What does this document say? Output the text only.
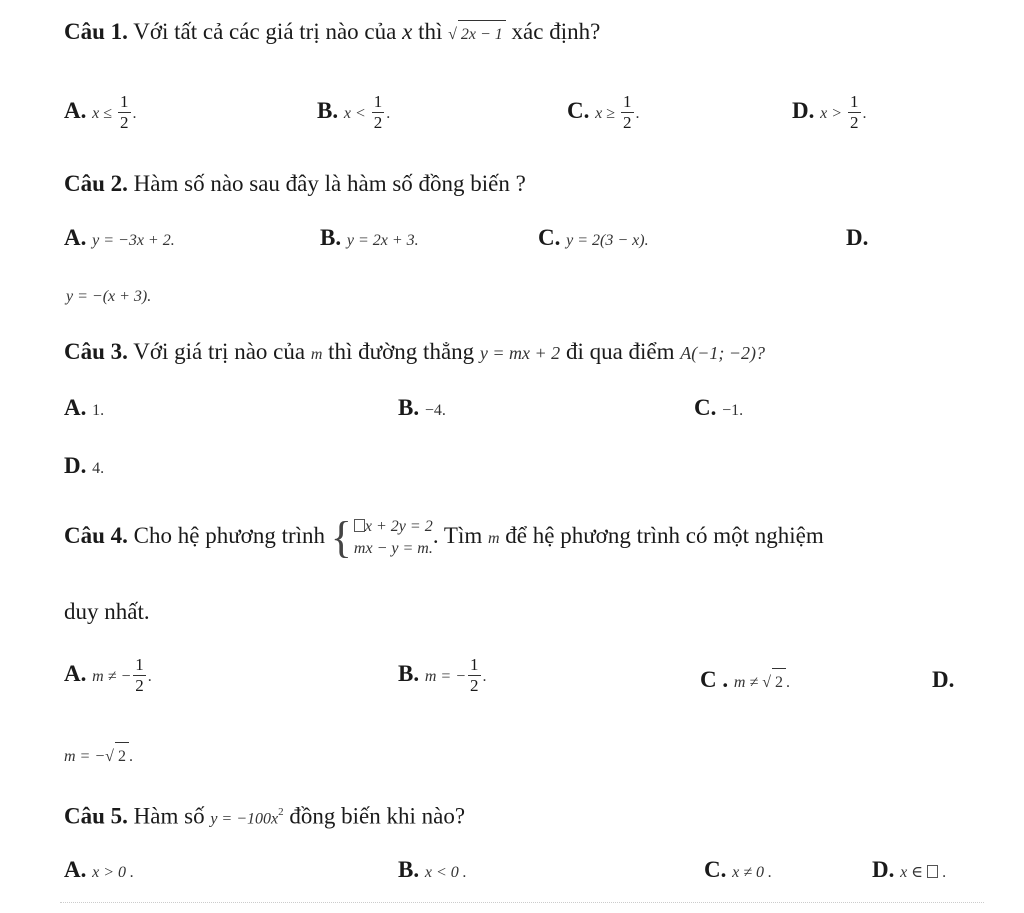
Câu 1. Với tất cả các giá trị nào của x thì √ 2x − 1 xác định?
A. $x \le \frac{1}{2}$ .	B. $x < \frac{1}{2}$ .	C. $x \ge \frac{1}{2}$ .	D. $x > \frac{1}{2}$ .
Câu 2. Hàm số nào sau đây là hàm số đồng biến ?
A. y = −3x + 2.	B. y = 2x + 3.	C. y = 2(3 − x).	D.
y = −(x + 3).
Câu 3. Với giá trị nào của m thì đường thẳng y = mx + 2 đi qua điểm A(−1; −2)?
A. 1.	B. −4.	C. −1.
D. 4.
Câu 4. Cho hệ phương trình { x + 2y = 2
mx − y = m.
. Tìm m để hệ phương trình có một nghiệm
duy nhất.
A. m ≠ − $\frac{1}{2}$ .	B. m = − $\frac{1}{2}$ .	C . m ≠ √ 2 .	D.
m = −√ 2 .
Câu 5. Hàm số $y = -100x^2$ đồng biến khi nào?
A. x > 0 .	B. x < 0 .	C. x ≠ 0 .	D. x ∈  .
